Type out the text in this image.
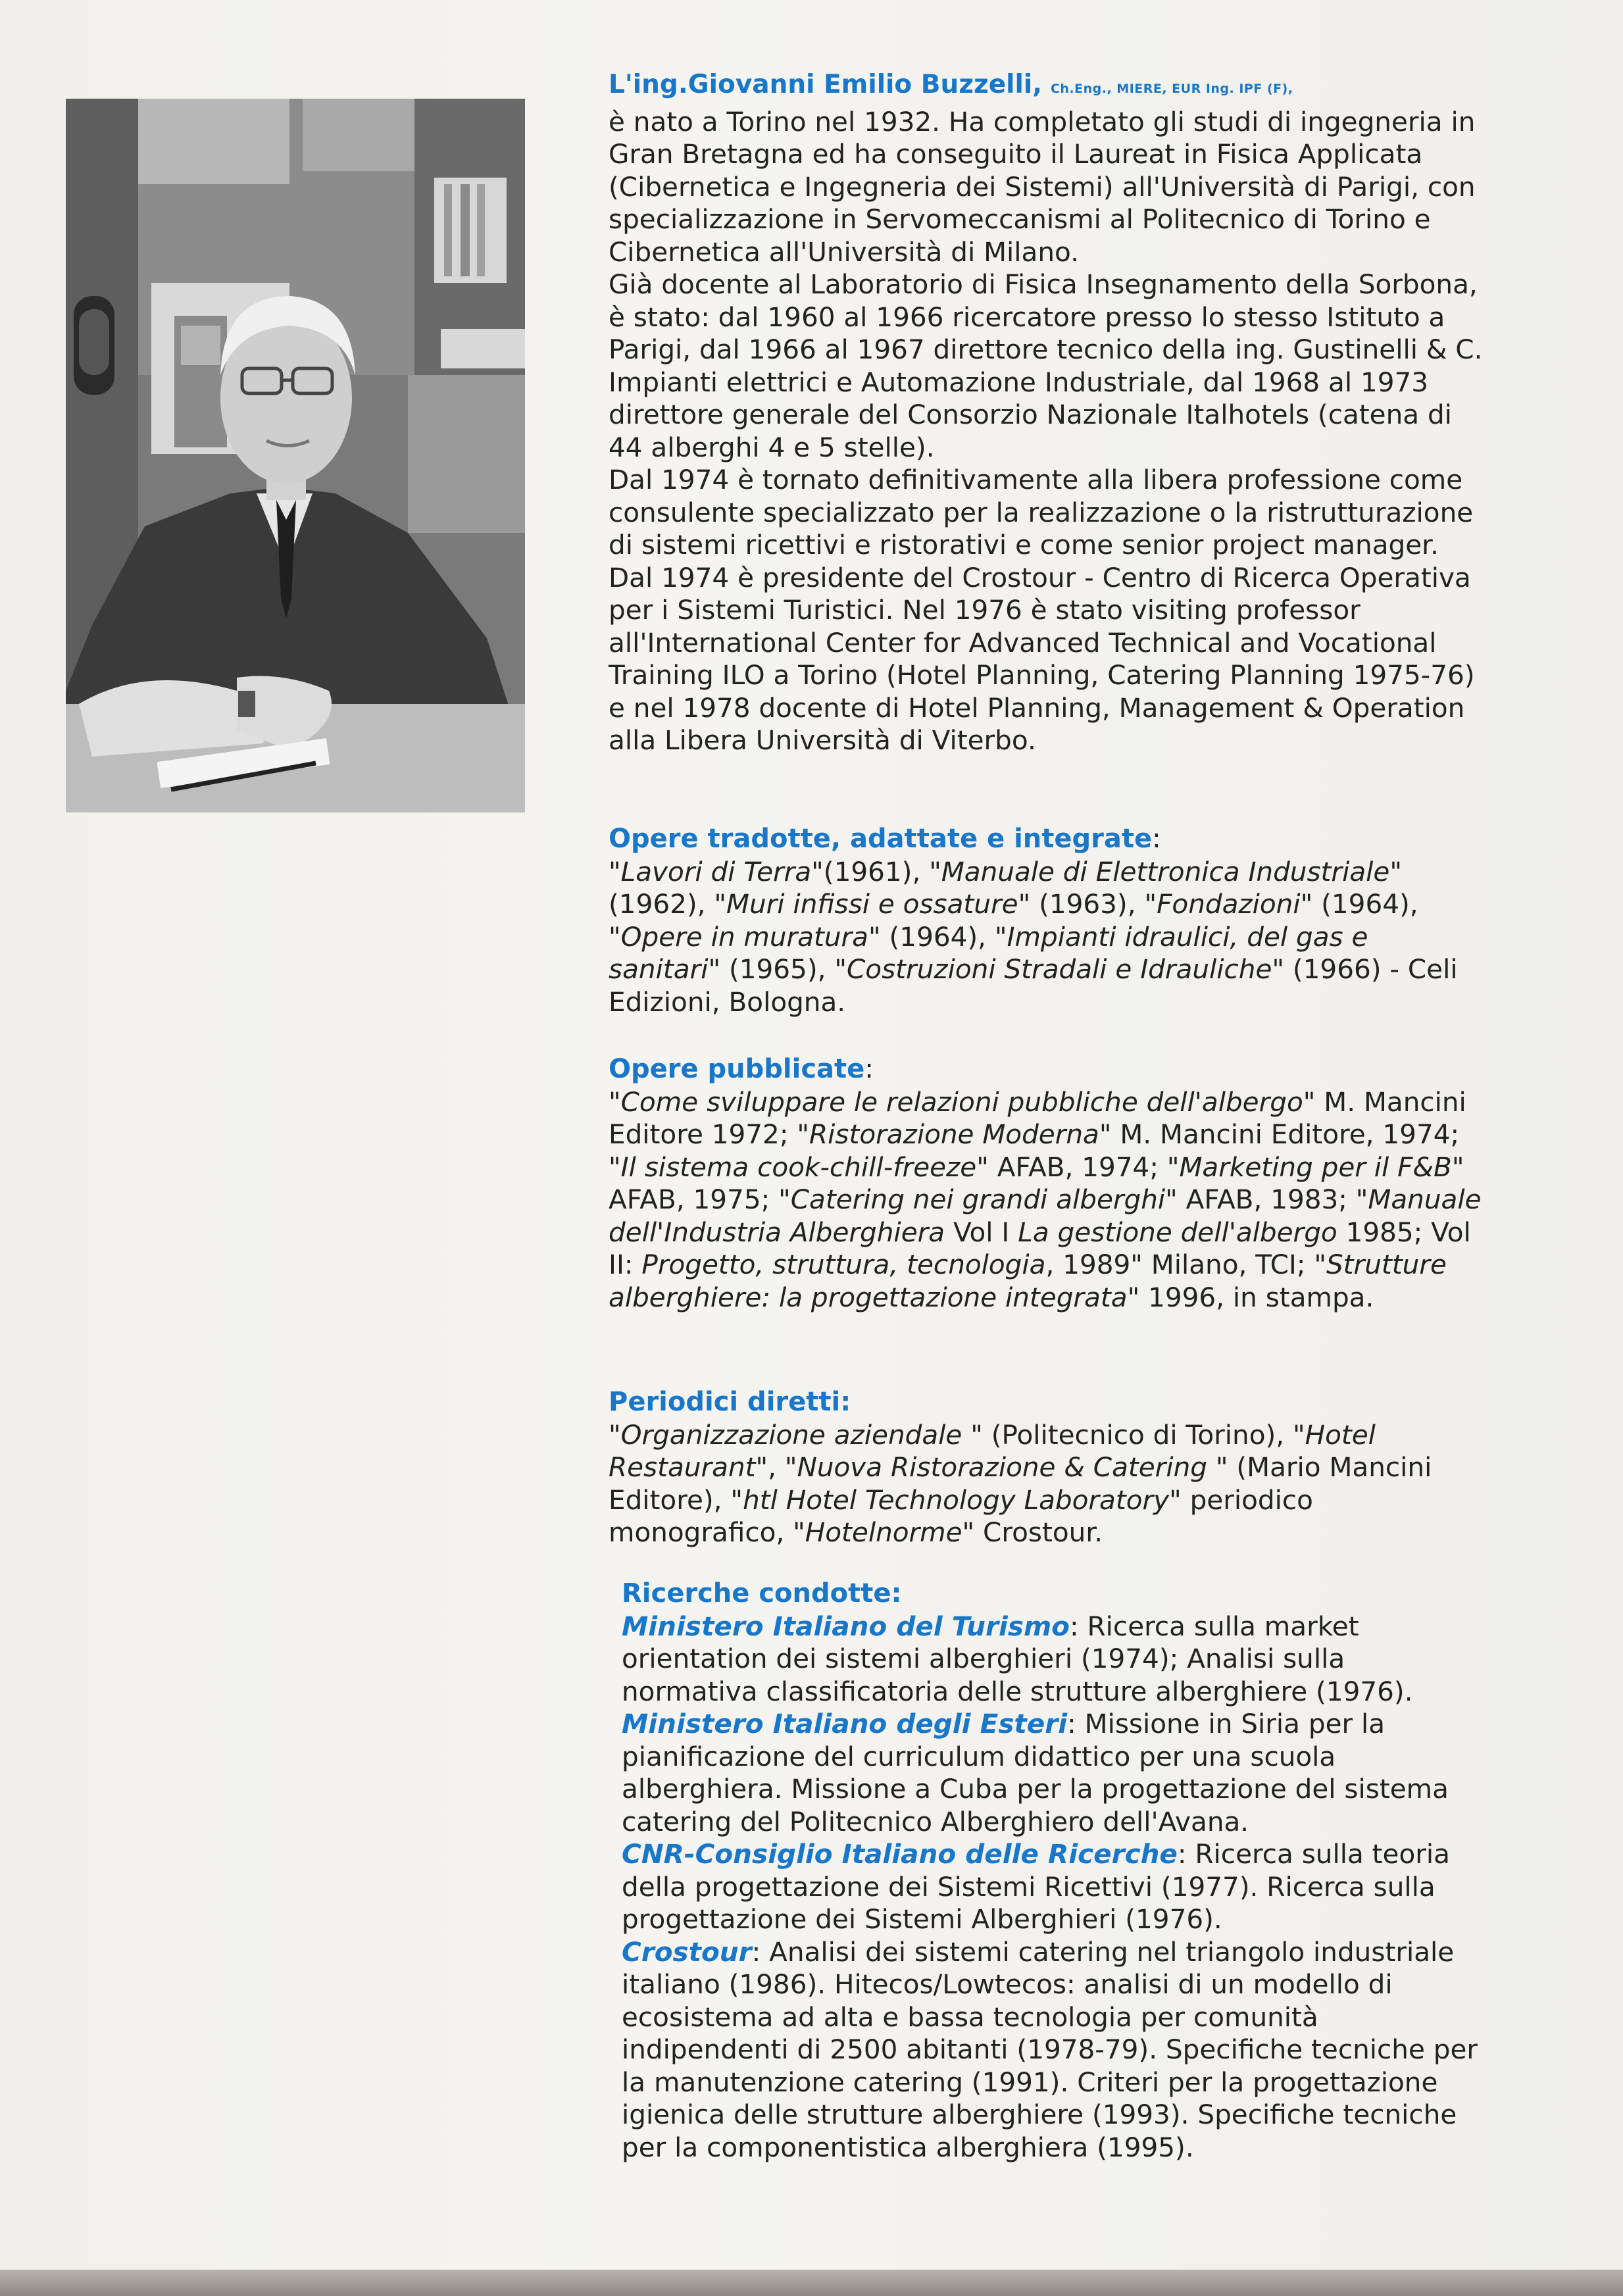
L'ing.Giovanni Emilio Buzzelli, Ch.Eng., MIERE, EUR Ing. IPF (F),

è nato a Torino nel 1932. Ha completato gli studi di ingegneria in Gran Bretagna ed ha conseguito il Laureat in Fisica Applicata (Cibernetica e Ingegneria dei Sistemi) all'Università di Parigi, con specializzazione in Servomeccanismi al Politecnico di Torino e Cibernetica all'Università di Milano.

Già docente al Laboratorio di Fisica Insegnamento della Sorbona, è stato: dal 1960 al 1966 ricercatore presso lo stesso Istituto a Parigi, dal 1966 al 1967 direttore tecnico della ing. Gustinelli & C. Impianti elettrici e Automazione Industriale, dal 1968 al 1973 direttore generale del Consorzio Nazionale Italhotels (catena di 44 alberghi 4 e 5 stelle).

Dal 1974 è tornato definitivamente alla libera professione come consulente specializzato per la realizzazione o la ristrutturazione di sistemi ricettivi e ristorativi e come senior project manager.

Dal 1974 è presidente del Crostour - Centro di Ricerca Operativa per i Sistemi Turistici. Nel 1976 è stato visiting professor all'International Center for Advanced Technical and Vocational Training ILO a Torino (Hotel Planning, Catering Planning 1975-76) e nel 1978 docente di Hotel Planning, Management & Operation alla Libera Università di Viterbo.

Opere tradotte, adattate e integrate:

"Lavori di Terra"(1961), "Manuale di Elettronica Industriale" (1962), "Muri infissi e ossature" (1963), "Fondazioni" (1964), "Opere in muratura" (1964), "Impianti idraulici, del gas e sanitari" (1965), "Costruzioni Stradali e Idrauliche" (1966) - Celi Edizioni, Bologna.

Opere pubblicate:

"Come sviluppare le relazioni pubbliche dell'albergo" M. Mancini Editore 1972; "Ristorazione Moderna" M. Mancini Editore, 1974; "Il sistema cook-chill-freeze" AFAB, 1974; "Marketing per il F&B" AFAB, 1975; "Catering nei grandi alberghi" AFAB, 1983; "Manuale dell'Industria Alberghiera Vol I La gestione dell'albergo 1985; Vol II: Progetto, struttura, tecnologia, 1989" Milano, TCI; "Strutture alberghiere: la progettazione integrata" 1996, in stampa.

Periodici diretti:

"Organizzazione aziendale " (Politecnico di Torino), "Hotel Restaurant", "Nuova Ristorazione & Catering " (Mario Mancini Editore), "htl Hotel Technology Laboratory" periodico monografico, "Hotelnorme" Crostour.

Ricerche condotte:

Ministero Italiano del Turismo: Ricerca sulla market orientation dei sistemi alberghieri (1974); Analisi sulla normativa classificatoria delle strutture alberghiere (1976).

Ministero Italiano degli Esteri: Missione in Siria per la pianificazione del curriculum didattico per una scuola alberghiera. Missione a Cuba per la progettazione del sistema catering del Politecnico Alberghiero dell'Avana.

CNR-Consiglio Italiano delle Ricerche: Ricerca sulla teoria della progettazione dei Sistemi Ricettivi (1977). Ricerca sulla progettazione dei Sistemi Alberghieri (1976).

Crostour: Analisi dei sistemi catering nel triangolo industriale italiano (1986). Hitecos/Lowtecos: analisi di un modello di ecosistema ad alta e bassa tecnologia per comunità indipendenti di 2500 abitanti (1978-79). Specifiche tecniche per la manutenzione catering (1991). Criteri per la progettazione igienica delle strutture alberghiere (1993). Specifiche tecniche per la componentistica alberghiera (1995).
